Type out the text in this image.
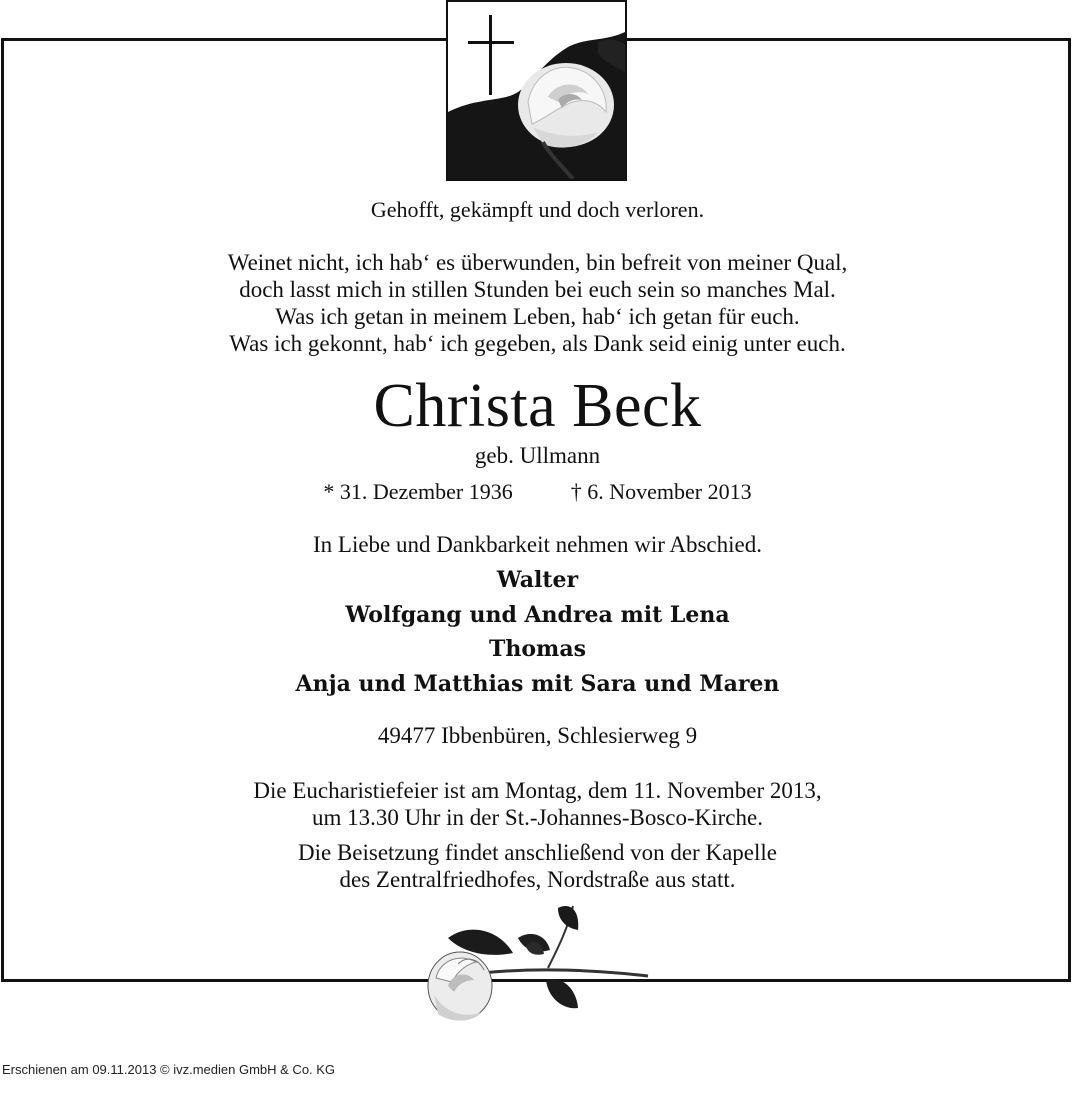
Gehofft, gekämpft und doch verloren.
Weinet nicht, ich hab‘ es überwunden, bin befreit von meiner Qual,
doch lasst mich in stillen Stunden bei euch sein so manches Mal.
Was ich getan in meinem Leben, hab‘ ich getan für euch.
Was ich gekonnt, hab‘ ich gegeben, als Dank seid einig unter euch.
Christa Beck
geb. Ullmann
* 31. Dezember 1936	† 6. November 2013
In Liebe und Dankbarkeit nehmen wir Abschied.
Walter
Wolfgang und Andrea mit Lena
Thomas
Anja und Matthias mit Sara und Maren
49477 Ibbenbüren, Schlesierweg 9
Die Eucharistiefeier ist am Montag, dem 11. November 2013,
um 13.30 Uhr in der St.-Johannes-Bosco-Kirche.
Die Beisetzung findet anschließend von der Kapelle
des Zentralfriedhofes, Nordstraße aus statt.
Erschienen am 09.11.2013 © ivz.medien GmbH & Co. KG
